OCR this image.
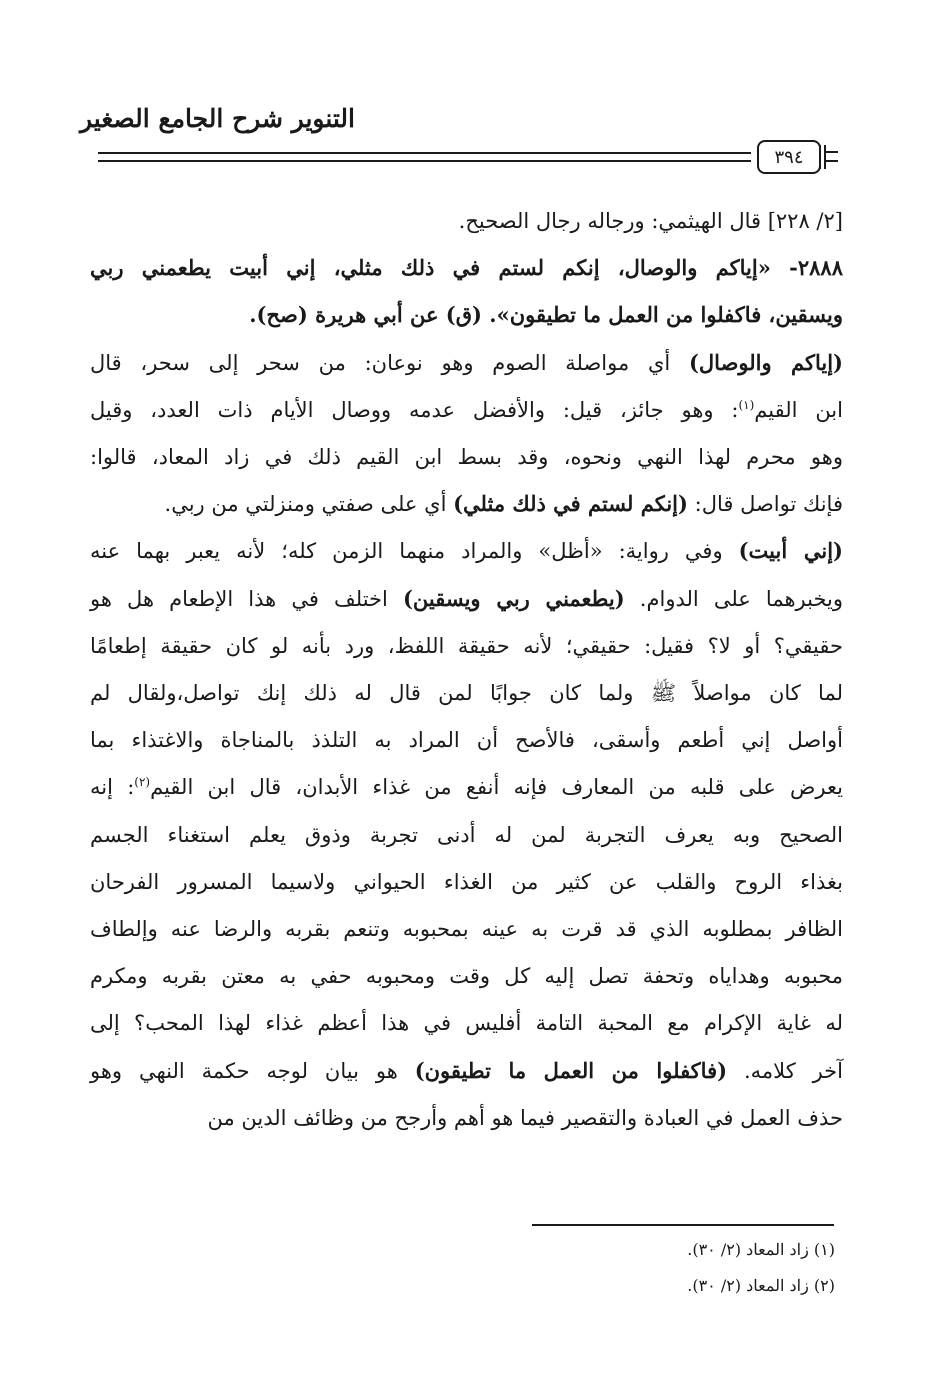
التنوير شرح الجامع الصغير
٣٩٤
[٢/ ٢٢٨] قال الهيثمي: ورجاله رجال الصحيح.
٢٨٨٨- «إياكم والوصال، إنكم لستم في ذلك مثلي، إني أبيت يطعمني ربي
ويسقين، فاكفلوا من العمل ما تطيقون». (ق) عن أبي هريرة (صح).
(إياكم والوصال) أي مواصلة الصوم وهو نوعان: من سحر إلى سحر، قال
ابن القيم$^{(١)}$: وهو جائز، قيل: والأفضل عدمه ووصال الأيام ذات العدد، وقيل
وهو محرم لهذا النهي ونحوه، وقد بسط ابن القيم ذلك في زاد المعاد، قالوا:
فإنك تواصل قال: (إنكم لستم في ذلك مثلي) أي على صفتي ومنزلتي من ربي.
(إني أبيت) وفي رواية: «أظل» والمراد منهما الزمن كله؛ لأنه يعبر بهما عنه
ويخبرهما على الدوام. (يطعمني ربي ويسقين) اختلف في هذا الإطعام هل هو
حقيقي؟ أو لا؟ فقيل: حقيقي؛ لأنه حقيقة اللفظ، ورد بأنه لو كان حقيقة إطعامًا
لما كان مواصلاً ﷺ ولما كان جوابًا لمن قال له ذلك إنك تواصل،ولقال لم
أواصل إني أطعم وأسقى، فالأصح أن المراد به التلذذ بالمناجاة والاغتذاء بما
يعرض على قلبه من المعارف فإنه أنفع من غذاء الأبدان، قال ابن القيم$^{(٢)}$: إنه
الصحيح وبه يعرف التجربة لمن له أدنى تجربة وذوق يعلم استغناء الجسم
بغذاء الروح والقلب عن كثير من الغذاء الحيواني ولاسيما المسرور الفرحان
الظافر بمطلوبه الذي قد قرت به عينه بمحبوبه وتنعم بقربه والرضا عنه وإلطاف
محبوبه وهداياه وتحفة تصل إليه كل وقت ومحبوبه حفي به معتن بقربه ومكرم
له غاية الإكرام مع المحبة التامة أفليس في هذا أعظم غذاء لهذا المحب؟ إلى
آخر كلامه. (فاكفلوا من العمل ما تطيقون) هو بيان لوجه حكمة النهي وهو
حذف العمل في العبادة والتقصير فيما هو أهم وأرجح من وظائف الدين من
(١) زاد المعاد (٢/ ٣٠).
(٢) زاد المعاد (٢/ ٣٠).
